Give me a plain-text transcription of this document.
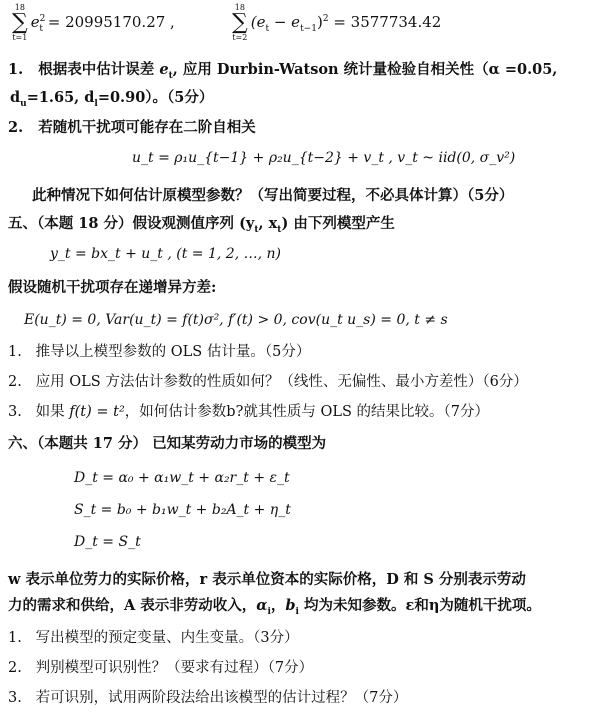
18
∑
t=1
$e^2_t = 20995170.27$ ,
18
∑
t=2
$(e_t - e_{t-1})^2 = 3577734.42$
1. 根据表中估计误差 $e_t$, 应用 Durbin-Watson 统计量检验自相关性（α =0.05,
$d_u=1.65$, $d_l=0.90$）。（5分）
2. 若随机干扰项可能存在二阶自相关
u_t = ρ₁u_{t−1} + ρ₂u_{t−2} + v_t , v_t ~ iid(0, σ_v²)
此种情况下如何估计原模型参数？（写出简要过程，不必具体计算）（5分）
五、（本题 18 分）假设观测值序列 ($y_t$, $x_t$) 由下列模型产生
y_t = bx_t + u_t , (t = 1, 2, …, n)
假设随机干扰项存在递增异方差:
E(u_t) = 0, Var(u_t) = f(t)σ², f′(t) > 0, cov(u_t u_s) = 0, t ≠ s
1. 推导以上模型参数的 OLS 估计量。（5分）
2. 应用 OLS 方法估计参数的性质如何？（线性、无偏性、最小方差性）（6分）
3. 如果 f(t) = t²，如何估计参数b?就其性质与 OLS 的结果比较。（7分）
六、（本题共 17 分） 已知某劳动力市场的模型为
D_t = α₀ + α₁w_t + α₂r_t + ε_t
S_t = b₀ + b₁w_t + b₂A_t + η_t
D_t = S_t
w 表示单位劳力的实际价格，r 表示单位资本的实际价格，D 和 S 分别表示劳动
力的需求和供给，A 表示非劳动收入，$\alpha_i$，$b_i$ 均为未知参数。ε和η为随机干扰项。
1. 写出模型的预定变量、内生变量。（3分）
2. 判别模型可识别性？（要求有过程）（7分）
3. 若可识别，试用两阶段法给出该模型的估计过程？（7分）
